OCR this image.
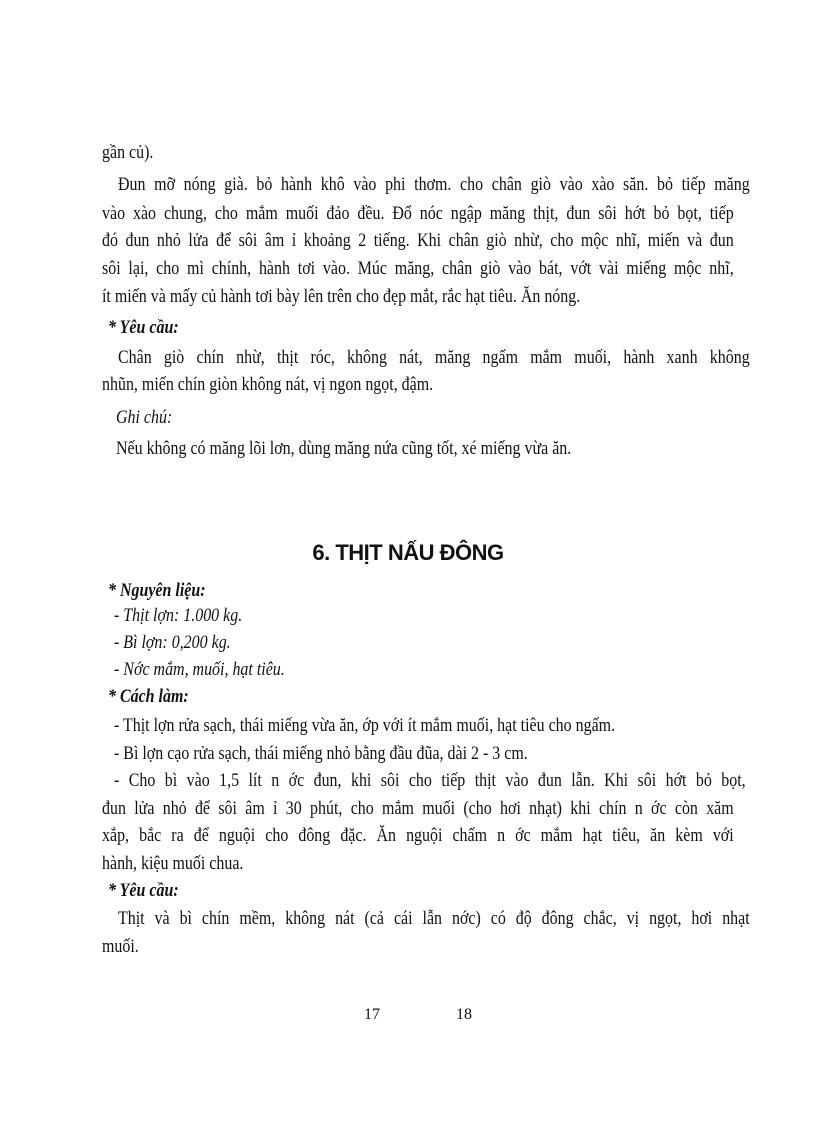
gần củ).
Đun mỡ nóng già. bỏ hành khô vào phi thơm. cho chân giò vào xào săn. bỏ tiếp măng
vào xào chung, cho mắm muối đảo đều. Đổ nóc ngập măng thịt, đun sôi hớt bỏ bọt, tiếp
đó đun nhỏ lửa để sôi âm ỉ khoảng 2 tiếng. Khi chân giò nhừ, cho mộc nhĩ, miến và đun
sôi lại, cho mì chính, hành tơi vào. Múc măng, chân giò vào bát, vớt vài miếng mộc nhĩ,
ít miến và mấy củ hành tơi bày lên trên cho đẹp mắt, rắc hạt tiêu. Ăn nóng.
* Yêu cầu:
Chân giò chín nhừ, thịt róc, không nát, măng ngấm mắm muối, hành xanh không
nhũn, miến chín giòn không nát, vị ngon ngọt, đậm.
Ghi chú:
Nếu không có măng lõi lơn, dùng măng nứa cũng tốt, xé miếng vừa ăn.
6. THỊT NẤU ĐÔNG
* Nguyên liệu:
- Thịt lợn: 1.000 kg.
- Bì lợn: 0,200 kg.
- Nớc mắm, muối, hạt tiêu.
* Cách làm:
- Thịt lợn rửa sạch, thái miếng vừa ăn, ớp với ít mắm muối, hạt tiêu cho ngấm.
- Bì lợn cạo rửa sạch, thái miếng nhỏ bằng đầu đũa, dài 2 - 3 cm.
- Cho bì vào 1,5 lít n ớc đun, khi sôi cho tiếp thịt vào đun lẫn. Khi sôi hớt bỏ bọt,
đun lửa nhỏ để sôi âm ỉ 30 phút, cho mắm muối (cho hơi nhạt) khi chín n ớc còn xăm
xắp, bắc ra để nguội cho đông đặc. Ăn nguội chấm n ớc mắm hạt tiêu, ăn kèm với
hành, kiệu muối chua.
* Yêu cầu:
Thịt và bì chín mềm, không nát (cả cái lẫn nớc) có độ đông chắc, vị ngọt, hơi nhạt
muối.
17	18
